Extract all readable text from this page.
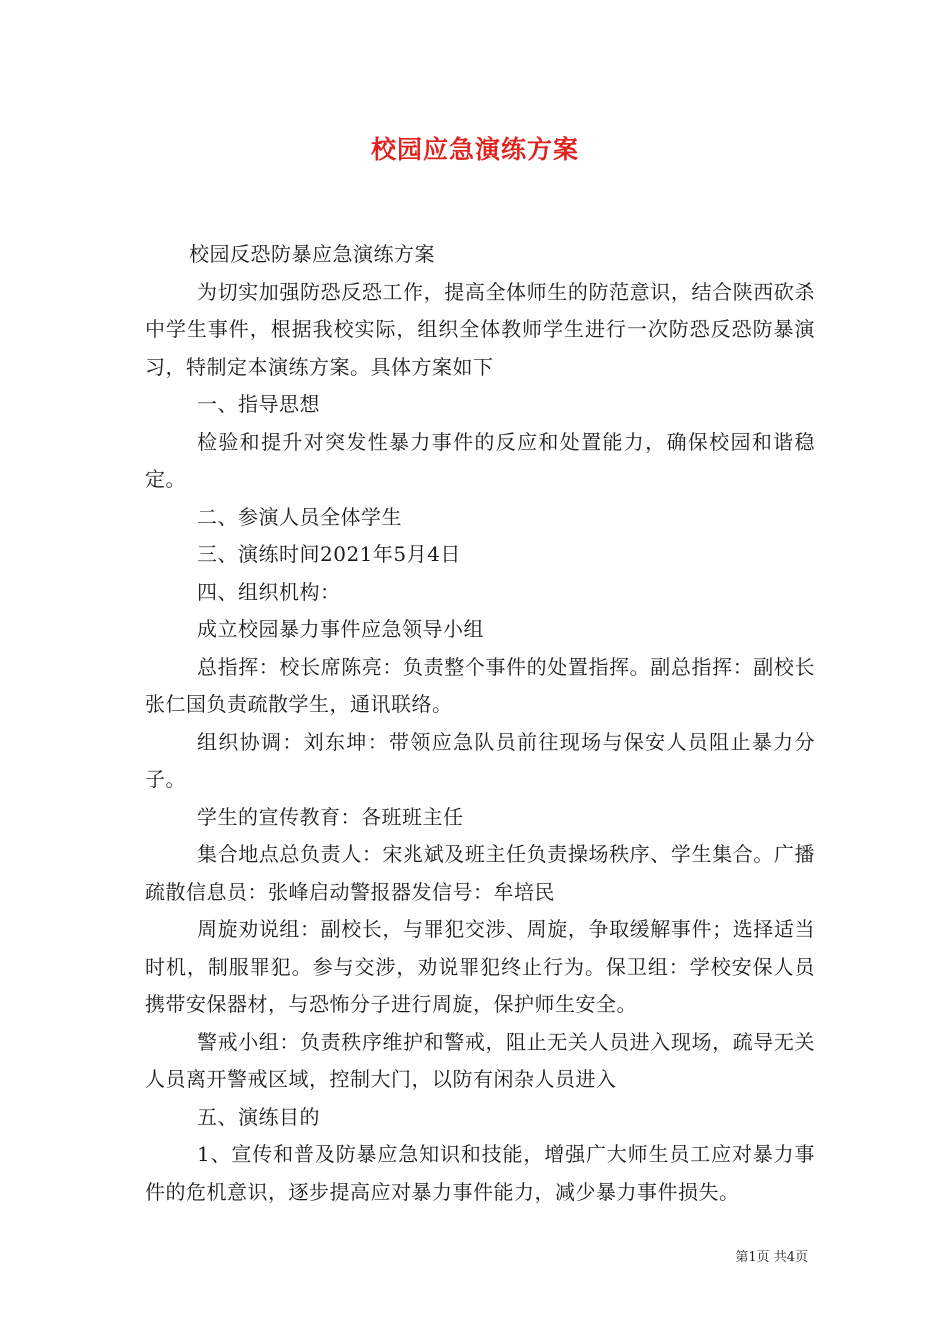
校园应急演练方案

校园反恐防暴应急演练方案

为切实加强防恐反恐工作，提高全体师生的防范意识，结合陕西砍杀中学生事件，根据我校实际，组织全体教师学生进行一次防恐反恐防暴演习，特制定本演练方案。具体方案如下

一、指导思想

检验和提升对突发性暴力事件的反应和处置能力，确保校园和谐稳定。

二、参演人员全体学生

三、演练时间2021年5月4日

四、组织机构：

成立校园暴力事件应急领导小组

总指挥：校长席陈亮：负责整个事件的处置指挥。副总指挥：副校长张仁国负责疏散学生，通讯联络。

组织协调：刘东坤：带领应急队员前往现场与保安人员阻止暴力分子。

学生的宣传教育：各班班主任

集合地点总负责人：宋兆斌及班主任负责操场秩序、学生集合。广播疏散信息员：张峰启动警报器发信号：牟培民

周旋劝说组：副校长，与罪犯交涉、周旋，争取缓解事件；选择适当时机，制服罪犯。参与交涉，劝说罪犯终止行为。保卫组：学校安保人员携带安保器材，与恐怖分子进行周旋，保护师生安全。

警戒小组：负责秩序维护和警戒，阻止无关人员进入现场，疏导无关人员离开警戒区域，控制大门，以防有闲杂人员进入

五、演练目的

1、宣传和普及防暴应急知识和技能，增强广大师生员工应对暴力事件的危机意识，逐步提高应对暴力事件能力，减少暴力事件损失。

第1页 共4页
